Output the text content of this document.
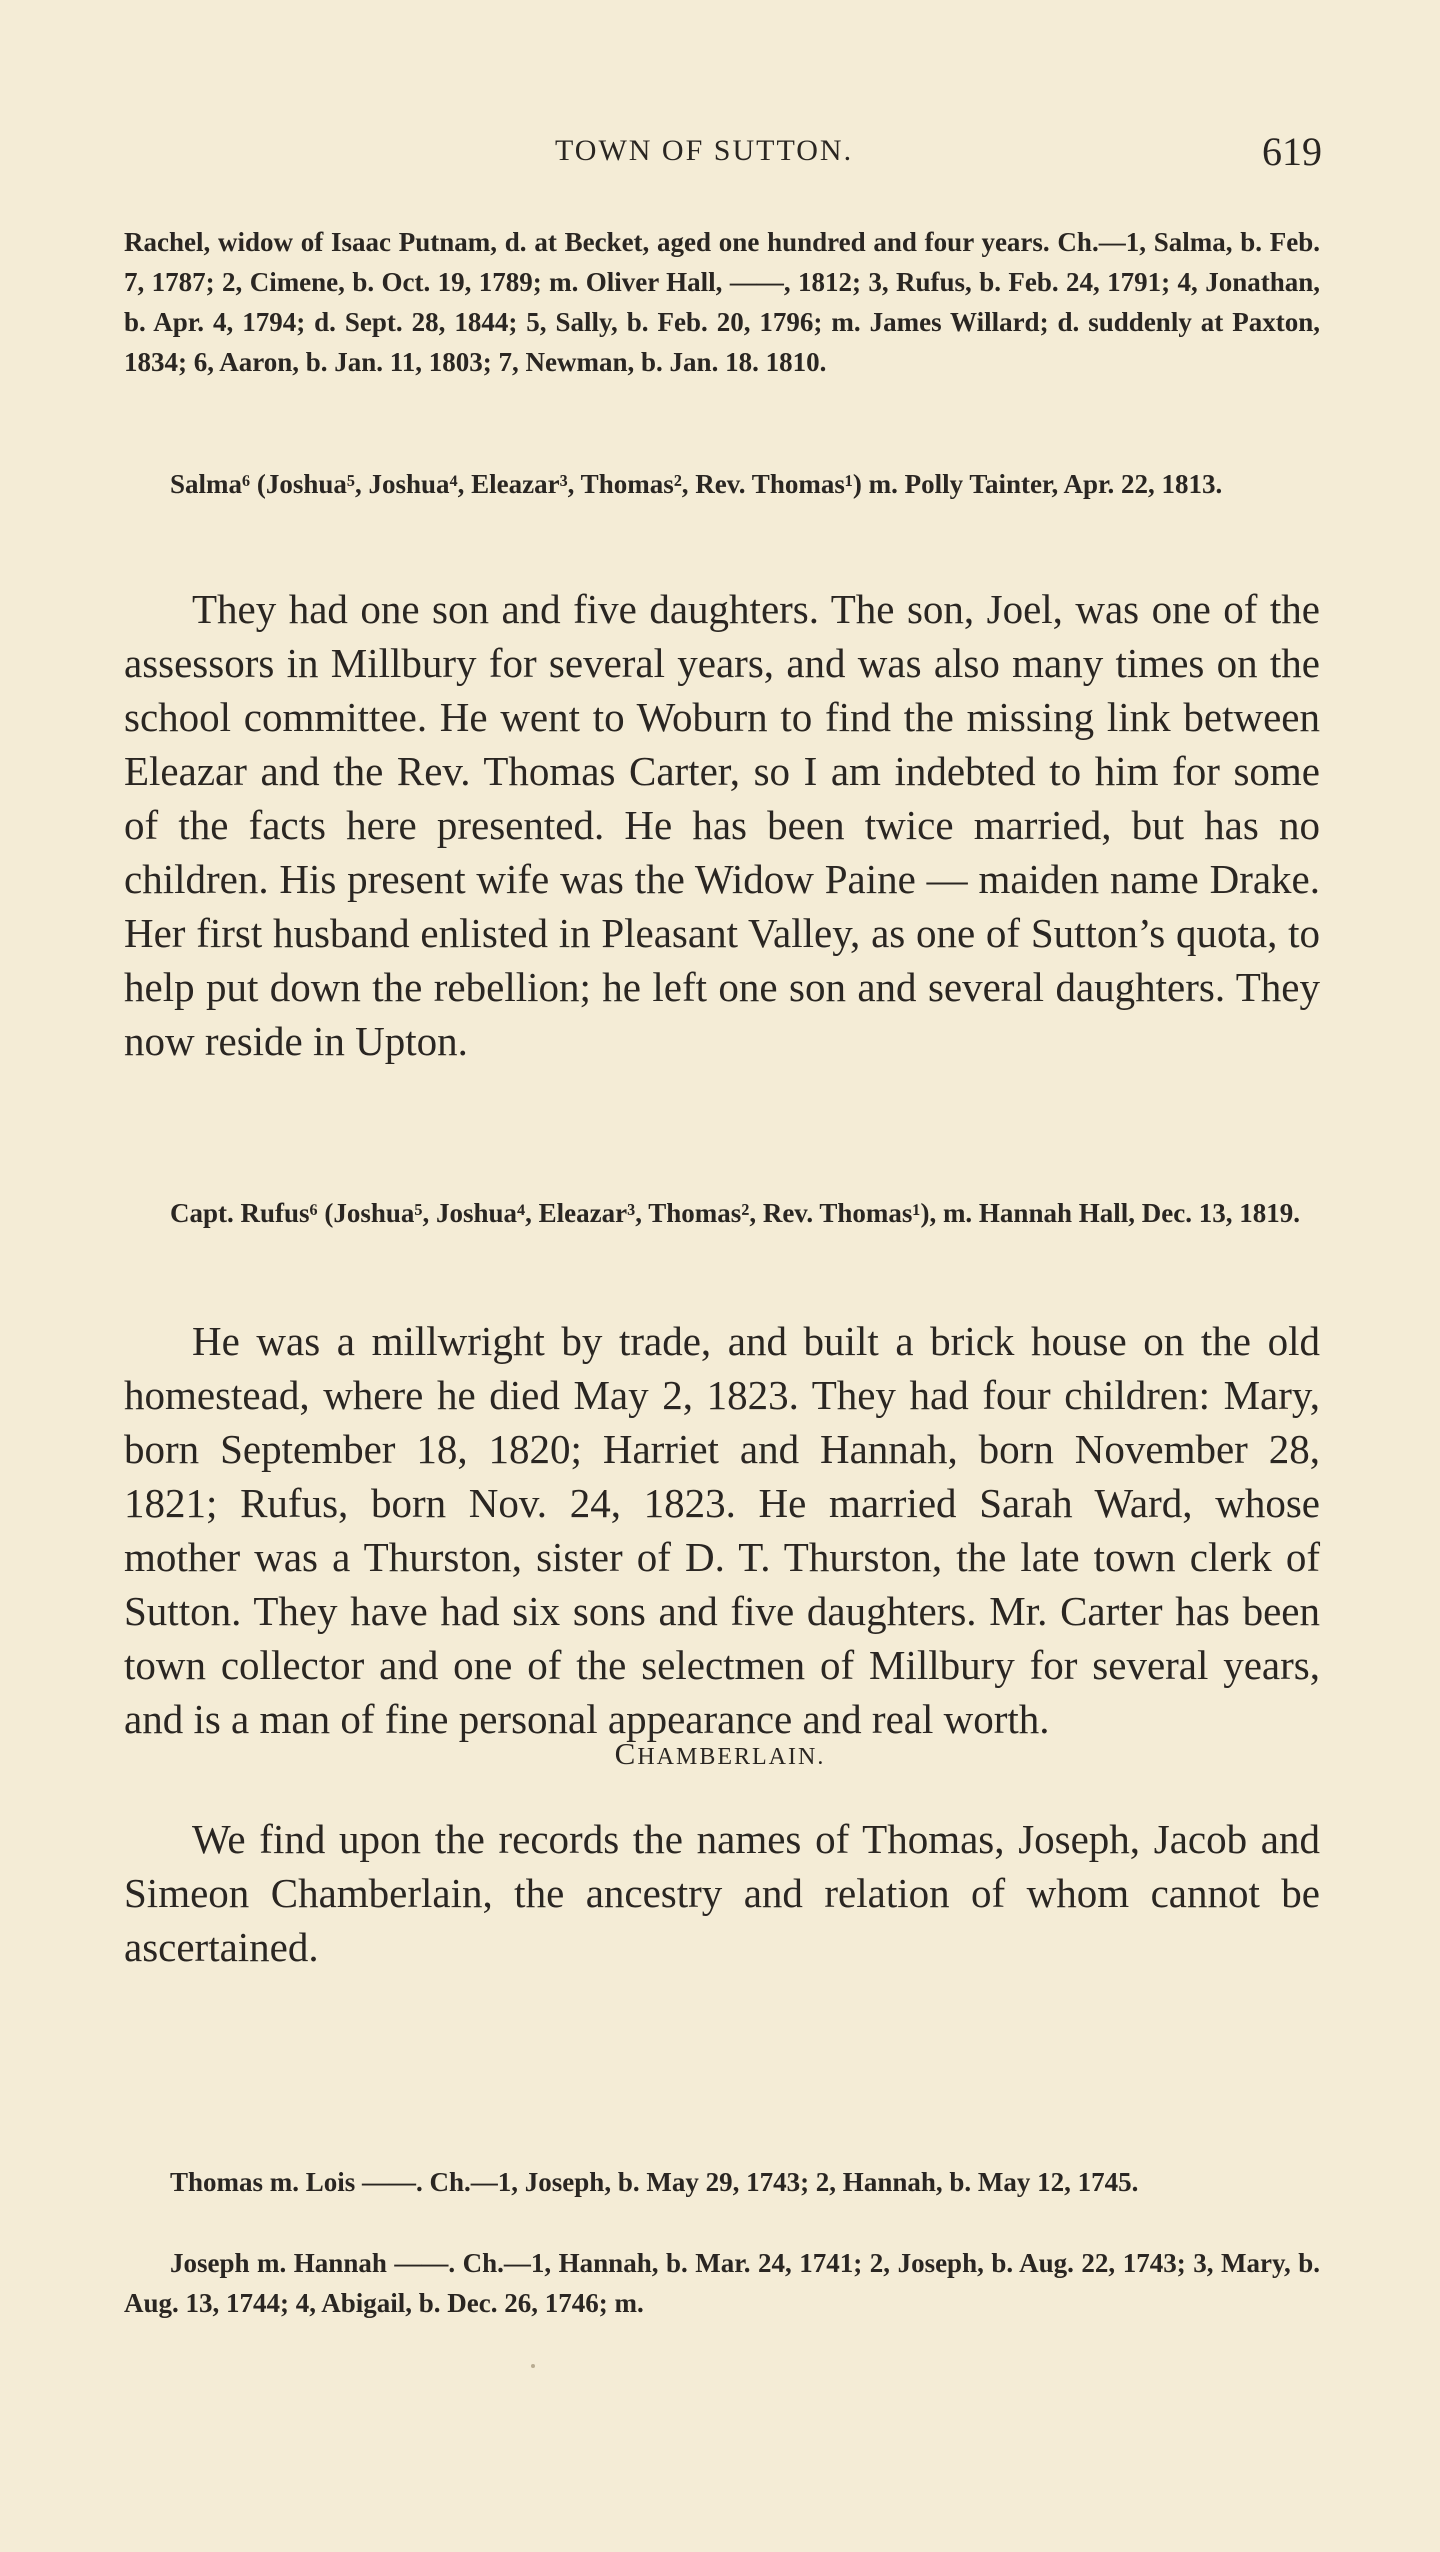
TOWN OF SUTTON.	619

Rachel, widow of Isaac Putnam, d. at Becket, aged one hundred and four years. Ch.—1, Salma, b. Feb. 7, 1787; 2, Cimene, b. Oct. 19, 1789; m. Oliver Hall, ——, 1812; 3, Rufus, b. Feb. 24, 1791; 4, Jonathan, b. Apr. 4, 1794; d. Sept. 28, 1844; 5, Sally, b. Feb. 20, 1796; m. James Willard; d. suddenly at Paxton, 1834; 6, Aaron, b. Jan. 11, 1803; 7, Newman, b. Jan. 18. 1810.

Salma⁶ (Joshua⁵, Joshua⁴, Eleazar³, Thomas², Rev. Thomas¹) m. Polly Tainter, Apr. 22, 1813.

They had one son and five daughters. The son, Joel, was one of the assessors in Millbury for several years, and was also many times on the school committee. He went to Woburn to find the missing link between Eleazar and the Rev. Thomas Carter, so I am indebted to him for some of the facts here presented. He has been twice married, but has no children. His present wife was the Widow Paine — maiden name Drake. Her first husband enlisted in Pleasant Valley, as one of Sutton’s quota, to help put down the rebellion; he left one son and several daughters. They now reside in Upton.

Capt. Rufus⁶ (Joshua⁵, Joshua⁴, Eleazar³, Thomas², Rev. Thomas¹), m. Hannah Hall, Dec. 13, 1819.

He was a millwright by trade, and built a brick house on the old homestead, where he died May 2, 1823. They had four children: Mary, born September 18, 1820; Harriet and Hannah, born November 28, 1821; Rufus, born Nov. 24, 1823. He married Sarah Ward, whose mother was a Thurston, sister of D. T. Thurston, the late town clerk of Sutton. They have had six sons and five daughters. Mr. Carter has been town collector and one of the selectmen of Millbury for several years, and is a man of fine personal appearance and real worth.

CHAMBERLAIN.

We find upon the records the names of Thomas, Joseph, Jacob and Simeon Chamberlain, the ancestry and relation of whom cannot be ascertained.

Thomas m. Lois ——. Ch.—1, Joseph, b. May 29, 1743; 2, Hannah, b. May 12, 1745.

Joseph m. Hannah ——. Ch.—1, Hannah, b. Mar. 24, 1741; 2, Joseph, b. Aug. 22, 1743; 3, Mary, b. Aug. 13, 1744; 4, Abigail, b. Dec. 26, 1746; m.
